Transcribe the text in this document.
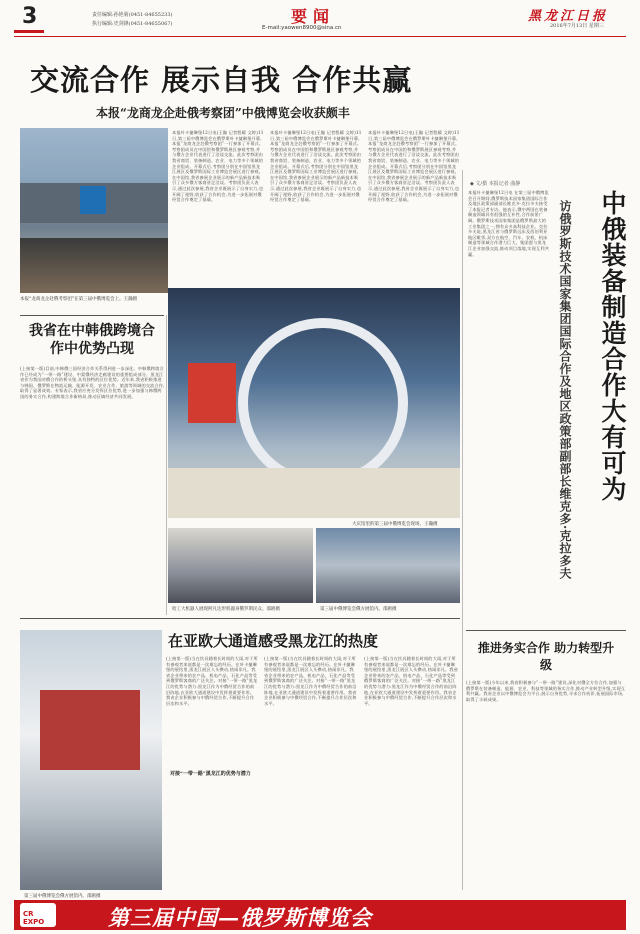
3	责任编辑:孙艳菊(0451-84655233)
执行编辑:史剑锋(0451-84655067)	要闻
E-mail:yaowen8900@sina.cn
黑龙江日报
2016年7月13日 星期三
交流合作 展示自我 合作共赢
本报“龙商龙企赴俄考察团”中俄博览会收获颇丰
本报“龙商龙企赴俄考察团”在第三届中俄博览会上。王瀚摄
本报叶卡捷琳堡12日电(王瀚 记者程耀 文婷)11日,第三届中俄博览会在俄罗斯叶卡捷琳堡开幕,本报“龙商龙企赴俄考察团”一行参加了开幕式。考察团成员在中国馆和俄罗斯展区参观考察,并与俄方企业代表进行了洽谈交流。此次考察团由我省商贸、装备制造、农业、电力等多个领域的企业组成。开幕式后,考察团分别在中国馆黑龙江展区及俄罗斯国际工业博览会展区进行参观。在中国馆,我省参展企业展示的新产品新技术吸引了众多俄方客商驻足洽谈。考察团负责人表示,通过此次参展,我省企业既展示了自身实力,也开阔了视野,收获了合作机会,为进一步拓展对俄经贸合作奠定了基础。
本报叶卡捷琳堡12日电(王瀚 记者程耀 文婷)11日,第三届中俄博览会在俄罗斯叶卡捷琳堡开幕,本报“龙商龙企赴俄考察团”一行参加了开幕式。考察团成员在中国馆和俄罗斯展区参观考察,并与俄方企业代表进行了洽谈交流。此次考察团由我省商贸、装备制造、农业、电力等多个领域的企业组成。开幕式后,考察团分别在中国馆黑龙江展区及俄罗斯国际工业博览会展区进行参观。在中国馆,我省参展企业展示的新产品新技术吸引了众多俄方客商驻足洽谈。考察团负责人表示,通过此次参展,我省企业既展示了自身实力,也开阔了视野,收获了合作机会,为进一步拓展对俄经贸合作奠定了基础。
本报叶卡捷琳堡12日电(王瀚 记者程耀 文婷)11日,第三届中俄博览会在俄罗斯叶卡捷琳堡开幕,本报“龙商龙企赴俄考察团”一行参加了开幕式。考察团成员在中国馆和俄罗斯展区参观考察,并与俄方企业代表进行了洽谈交流。此次考察团由我省商贸、装备制造、农业、电力等多个领域的企业组成。开幕式后,考察团分别在中国馆黑龙江展区及俄罗斯国际工业博览会展区进行参观。在中国馆,我省参展企业展示的新产品新技术吸引了众多俄方客商驻足洽谈。考察团负责人表示,通过此次参展,我省企业既展示了自身实力,也开阔了视野,收获了合作机会,为进一步拓展对俄经贸合作奠定了基础。
大庆馆里的第三届中俄博览会现场。王瀚摄
哈工大机器人展现阿凡达形机器身俄罗斯民众。邵鸥摄	第三届中俄博览会俄方展馆内。邵鸥摄
我省在中韩俄跨境合作中优势凸现
(上接第一版)目前,中韩俄三国经济合作关系得到进一步深化。中韩俄跨境合作已经成为“一带一路”建设、中蒙俄经济走廊建设的重要组成部分。黑龙江省作为我国对俄合作的桥头堡,具有独特的区位优势。近年来,我省积极推进与韩国、俄罗斯在物流运输、能源开发、农业合作、旅游等领域的交流合作,取得了显著成效。专家表示,我省应充分发挥区位优势,进一步加强与韩俄两国的务实合作,构建跨境合作新格局,推动区域经济共同发展。
在亚欧大通道感受黑龙江的热度
第三届中俄博览会俄方展馆内。邵鸥摄
(上接第一版)当在饮具随着长时间的大雨,对于所有参观者来说都是一次难忘的经历。在叶卡捷琳堡的展馆里,黑龙江展区人头攒动,热闹非凡。我省企业带来的农产品、机电产品、石化产品等受到俄罗斯客商的广泛关注。对接“一带一路”黑龙江的优势与潜力:黑龙江作为中俄经贸合作的前沿阵地,在亚欧大通道建设中发挥着重要作用。我省企业积极参与中俄经贸合作,不断提升合作层次和水平。
对接“一带一路”黑龙江的优势与潜力
(上接第一版)当在饮具随着长时间的大雨,对于所有参观者来说都是一次难忘的经历。在叶卡捷琳堡的展馆里,黑龙江展区人头攒动,热闹非凡。我省企业带来的农产品、机电产品、石化产品等受到俄罗斯客商的广泛关注。对接“一带一路”黑龙江的优势与潜力:黑龙江作为中俄经贸合作的前沿阵地,在亚欧大通道建设中发挥着重要作用。我省企业积极参与中俄经贸合作,不断提升合作层次和水平。
(上接第一版)当在饮具随着长时间的大雨,对于所有参观者来说都是一次难忘的经历。在叶卡捷琳堡的展馆里,黑龙江展区人头攒动,热闹非凡。我省企业带来的农产品、机电产品、石化产品等受到俄罗斯客商的广泛关注。对接“一带一路”黑龙江的优势与潜力:黑龙江作为中俄经贸合作的前沿阵地,在亚欧大通道建设中发挥着重要作用。我省企业积极参与中俄经贸合作,不断提升合作层次和水平。
◆ 文/摄 本报记者 曲静
本报叶卡捷琳堡12日电 在第三届中俄博览会召开期间,俄罗斯技术国家集团国际合作及地区政策部副部长维克多·克拉多夫接受了本报记者专访。他表示,俄中两国在装备制造领域具有很强的互补性,合作前景广阔。俄罗斯技术国家集团是俄罗斯最大的工业集团之一,拥有众多高科技企业。克拉多夫说,黑龙江省与俄罗斯远东及西伯利亚地区毗邻,双方在航空、汽车、农机、机床制造等领域合作潜力巨大。集团愿与黑龙江企业加强交流,推动项目落地,实现互利共赢。	中俄装备制造合作大有可为
访俄罗斯技术国家集团国际合作及地区政策部副部长维克多·克拉多夫
推进务实合作 助力转型升级
(上接第一版)今年以来,我省积极参与“一带一路”建设,深化对俄全方位合作,加强与俄罗斯在装备制造、能源、农业、科技等领域的务实合作,推动产业转型升级,实现互利共赢。我省企业以中俄博览会为平台,展示自身优势,寻求合作伙伴,拓展国际市场,取得了丰硕成果。
CR EXPO	第三届中国—俄罗斯博览会
